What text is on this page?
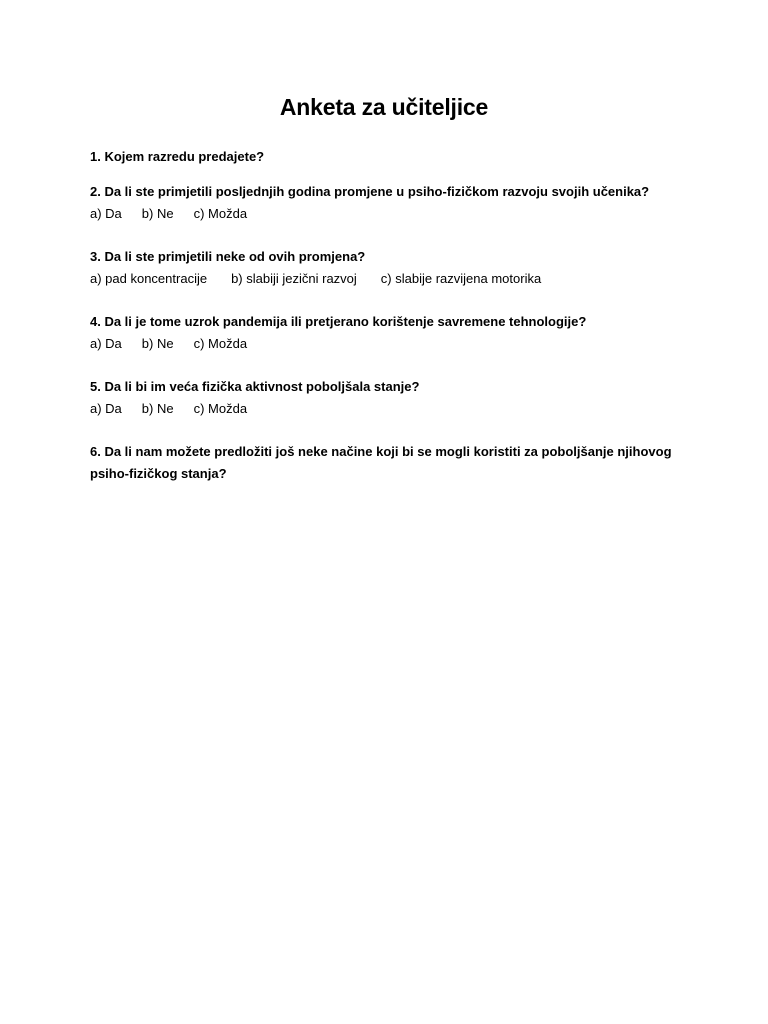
Anketa za učiteljice

1. Kojem razredu predajete?

2. Da li ste primjetili posljednjih godina promjene u psiho-fizičkom razvoju svojih učenika?

a) Da b) Ne c) Možda

3. Da li ste primjetili neke od ovih promjena?

a) pad koncentracije b) slabiji jezični razvoj c) slabije razvijena motorika

4. Da li je tome uzrok pandemija ili pretjerano korištenje savremene tehnologije?

a) Da b) Ne c) Možda

5. Da li bi im veća fizička aktivnost poboljšala stanje?

a) Da b) Ne c) Možda

6. Da li nam možete predložiti još neke načine koji bi se mogli koristiti za poboljšanje njihovog psiho-fizičkog stanja?
